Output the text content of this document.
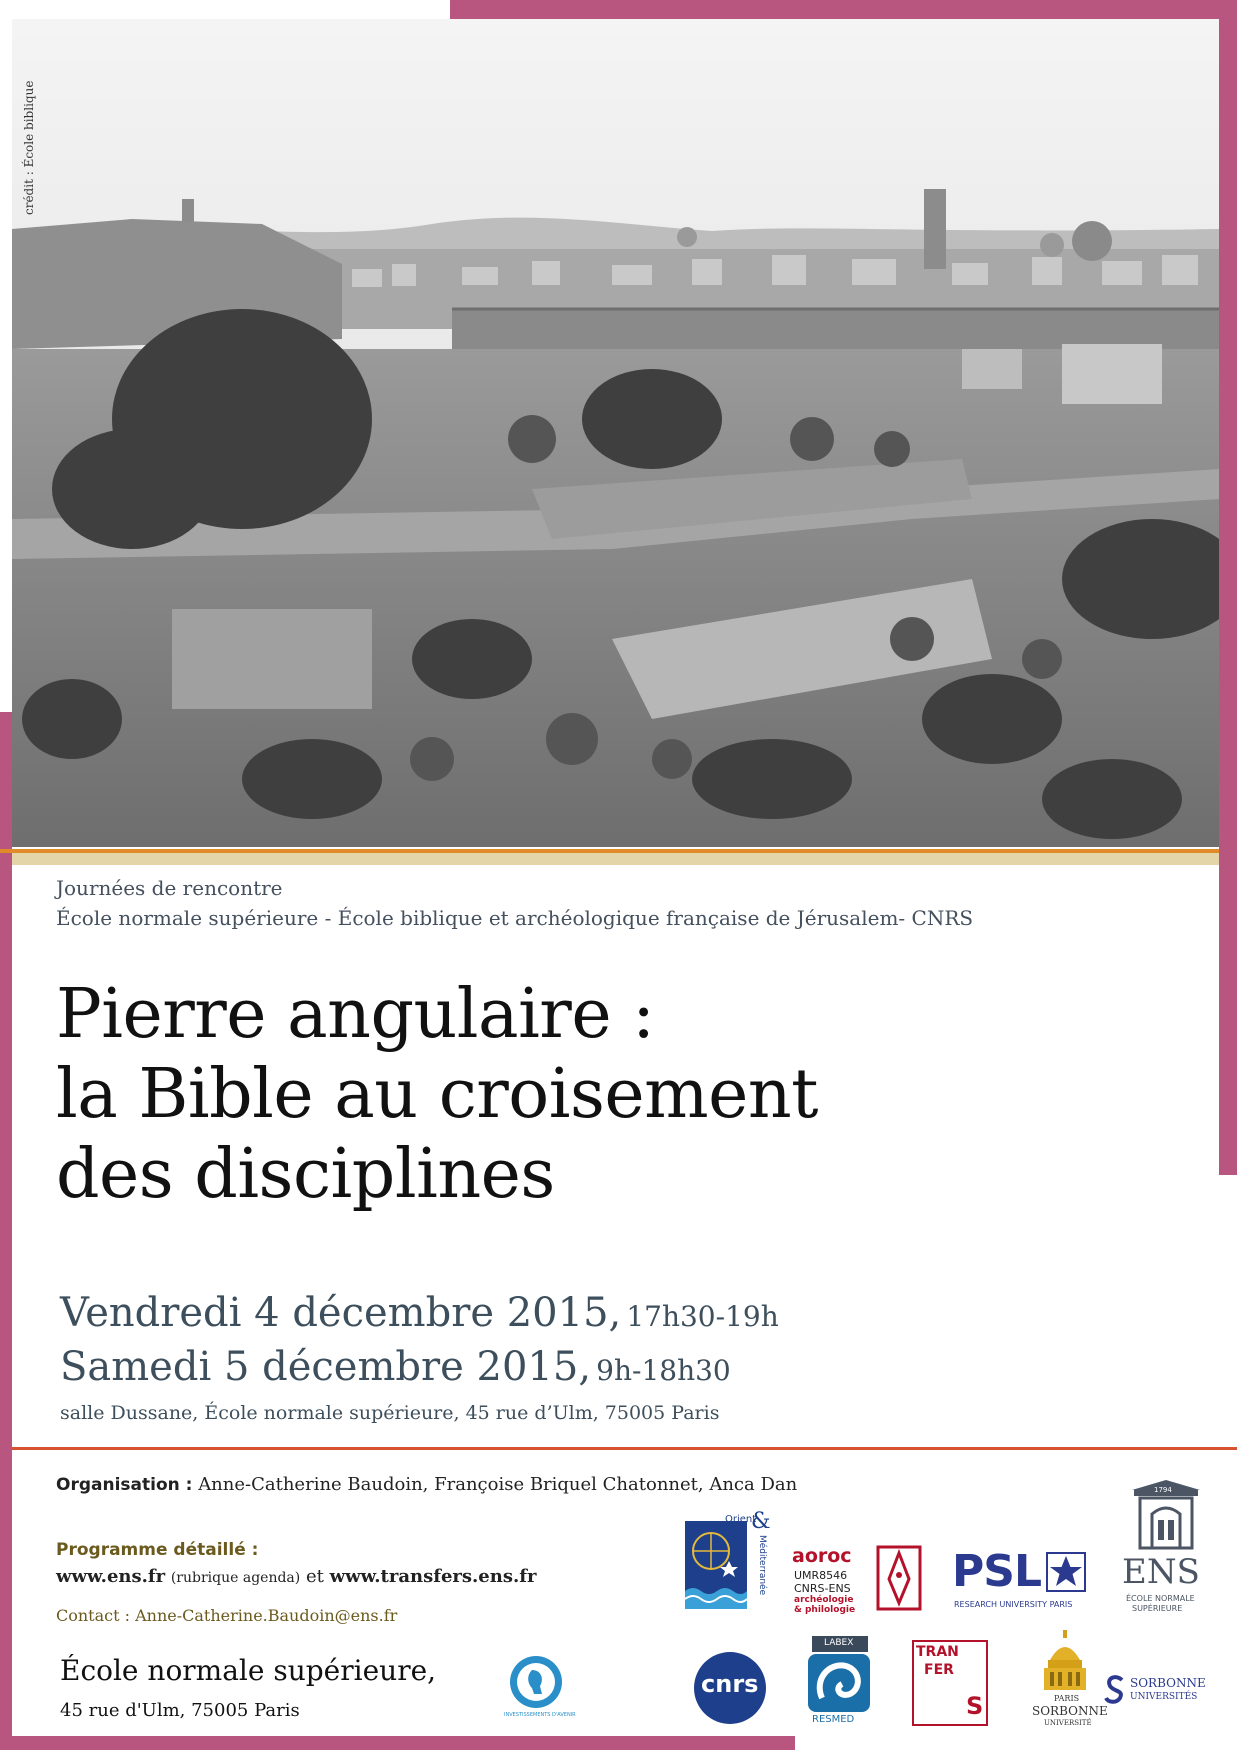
crédit : École biblique
Journées de rencontre
École normale supérieure - École biblique et archéologique française de Jérusalem- CNRS
Pierre angulaire :
la Bible au croisement
des disciplines
Vendredi 4 décembre 2015, 17h30-19h
Samedi 5 décembre 2015, 9h-18h30
salle Dussane, École normale supérieure, 45 rue d’Ulm, 75005 Paris
Organisation : Anne-Catherine Baudoin, Françoise Briquel Chatonnet, Anca Dan
Programme détaillé :
www.ens.fr (rubrique agenda) et www.transfers.ens.fr
Contact : Anne-Catherine.Baudoin@ens.fr
École normale supérieure,
45 rue d'Ulm, 75005 Paris	INVESTISSEMENTS D'AVENIR
Orient
&
Méditerranée aoroc
UMR8546
CNRS-ENS
archéologie
& philologie
PSL
RESEARCH UNIVERSITY PARIS
1794
ENS
ÉCOLE NORMALE
SUPÉRIEURE
cnrs
LABEX
RESMED
TRAN
FER
S	PARIS
SORBONNE
UNIVERSITÉ
SORBONNE
UNIVERSITÉS
